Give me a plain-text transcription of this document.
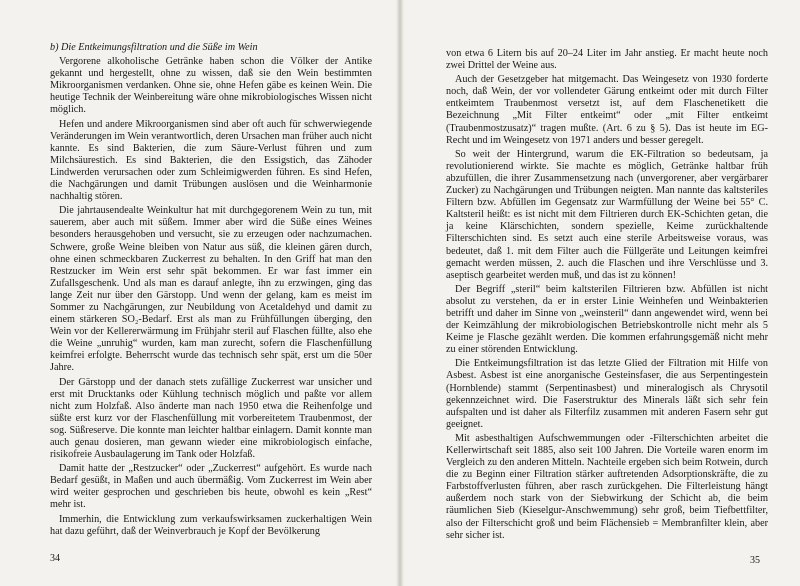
b) Die Entkeimungsfiltration und die Süße im Wein

Vergorene alkoholische Getränke haben schon die Völker der Antike gekannt und hergestellt, ohne zu wissen, daß sie den Wein bestimmten Mikroorganismen verdanken. Ohne sie, ohne Hefen gäbe es keinen Wein. Die heutige Technik der Weinbereitung wäre ohne mikrobiologisches Wissen nicht möglich.

Hefen und andere Mikroorganismen sind aber oft auch für schwerwiegende Veränderungen im Wein verantwortlich, deren Ursachen man früher auch nicht kannte. Es sind Bakterien, die zum Säure-Verlust führen und zum Milchsäurestich. Es sind Bakterien, die den Essigstich, das Zähoder Lindwerden verursachen oder zum Schleimigwerden führen. Es sind Hefen, die Nachgärungen und damit Trübungen auslösen und die Weinharmonie nachhaltig stören.

Die jahrtausendealte Weinkultur hat mit durchgegorenem Wein zu tun, mit sauerem, aber auch mit süßem. Immer aber wird die Süße eines Weines besonders herausgehoben und versucht, sie zu erzeugen oder nachzumachen. Schwere, große Weine bleiben von Natur aus süß, die kleinen gären durch, ohne einen schmeckbaren Zuckerrest zu behalten. In den Griff hat man den Restzucker im Wein erst sehr spät bekommen. Er war fast immer ein Zufallsgeschenk. Und als man es darauf anlegte, ihn zu erzwingen, ging das lange Zeit nur über den Gärstopp. Und wenn der gelang, kam es meist im Sommer zu Nachgärungen, zur Neubildung von Acetaldehyd und damit zu einem stärkeren SO₂-Bedarf. Erst als man zu Frühfüllungen überging, den Wein vor der Kellererwärmung im Frühjahr steril auf Flaschen füllte, also ehe die Weine „unruhig“ wurden, kam man zurecht, sofern die Flaschenfüllung keimfrei erfolgte. Beherrscht wurde das technisch sehr spät, erst um die 50er Jahre.

Der Gärstopp und der danach stets zufällige Zuckerrest war unsicher und erst mit Drucktanks oder Kühlung technisch möglich und paßte vor allem nicht zum Holzfaß. Also änderte man nach 1950 etwa die Reihenfolge und süßte erst kurz vor der Flaschenfüllung mit vorbereitetem Traubenmost, der sog. Süßreserve. Die konnte man leichter haltbar einlagern. Damit konnte man auch genau dosieren, man gewann wieder eine mikrobiologisch einfache, risikofreie Ausbaulagerung im Tank oder Holzfaß.

Damit hatte der „Restzucker“ oder „Zuckerrest“ aufgehört. Es wurde nach Bedarf gesüßt, in Maßen und auch übermäßig. Vom Zuckerrest im Wein aber wird weiter gesprochen und geschrieben bis heute, obwohl es kein „Rest“ mehr ist.

Immerhin, die Entwicklung zum verkaufswirksamen zuckerhaltigen Wein hat dazu geführt, daß der Weinverbrauch je Kopf der Bevölkerung

34

von etwa 6 Litern bis auf 20–24 Liter im Jahr anstieg. Er macht heute noch zwei Drittel der Weine aus.

Auch der Gesetzgeber hat mitgemacht. Das Weingesetz von 1930 forderte noch, daß Wein, der vor vollendeter Gärung entkeimt oder mit durch Filter entkeimtem Traubenmost versetzt ist, auf dem Flaschenetikett die Bezeichnung „Mit Filter entkeimt“ oder „mit Filter entkeimt (Traubenmostzusatz)“ tragen mußte. (Art. 6 zu § 5). Das ist heute im EG-Recht und im Weingesetz von 1971 anders und besser geregelt.

So weit der Hintergrund, warum die EK-Filtration so bedeutsam, ja revolutionierend wirkte. Sie machte es möglich, Getränke haltbar früh abzufüllen, die ihrer Zusammensetzung nach (unvergorener, aber vergärbarer Zucker) zu Nachgärungen und Trübungen neigten. Man nannte das kaltsteriles Filtern bzw. Abfüllen im Gegensatz zur Warmfüllung der Weine bei 55° C. Kaltsteril heißt: es ist nicht mit dem Filtrieren durch EK-Schichten getan, die ja keine Klärschichten, sondern spezielle, Keime zurückhaltende Filterschichten sind. Es setzt auch eine sterile Arbeitsweise voraus, was bedeutet, daß 1. mit dem Filter auch die Füllgeräte und Leitungen keimfrei gemacht werden müssen, 2. auch die Flaschen und ihre Verschlüsse und 3. aseptisch gearbeitet werden muß, und das ist zu können!

Der Begriff „steril“ beim kaltsterilen Filtrieren bzw. Abfüllen ist nicht absolut zu verstehen, da er in erster Linie Weinhefen und Weinbakterien betrifft und daher im Sinne von „weinsteril“ dann angewendet wird, wenn bei der Keimzählung der mikrobiologischen Betriebskontrolle nicht mehr als 5 Keime je Flasche gezählt werden. Die kommen erfahrungsgemäß nicht mehr zu einer störenden Entwicklung.

Die Entkeimungsfiltration ist das letzte Glied der Filtration mit Hilfe von Asbest. Asbest ist eine anorganische Gesteinsfaser, die aus Serpentingestein (Hornblende) stammt (Serpentinasbest) und mineralogisch als Chrysotil gekennzeichnet wird. Die Faserstruktur des Minerals läßt sich sehr fein aufspalten und ist daher als Filterfilz zusammen mit anderen Fasern sehr gut geeignet.

Mit asbesthaltigen Aufschwemmungen oder -Filterschichten arbeitet die Kellerwirtschaft seit 1885, also seit 100 Jahren. Die Vorteile waren enorm im Vergleich zu den anderen Mitteln. Nachteile ergeben sich beim Rotwein, durch die zu Beginn einer Filtration stärker auftretenden Adsorptionskräfte, die zu Farbstoffverlusten führen, aber rasch zurückgehen. Die Filterleistung hängt außerdem noch stark von der Siebwirkung der Schicht ab, die beim räumlichen Sieb (Kieselgur-Anschwemmung) sehr groß, beim Tiefbettfilter, also der Filterschicht groß und beim Flächensieb = Membranfilter klein, aber sehr sicher ist.

35
